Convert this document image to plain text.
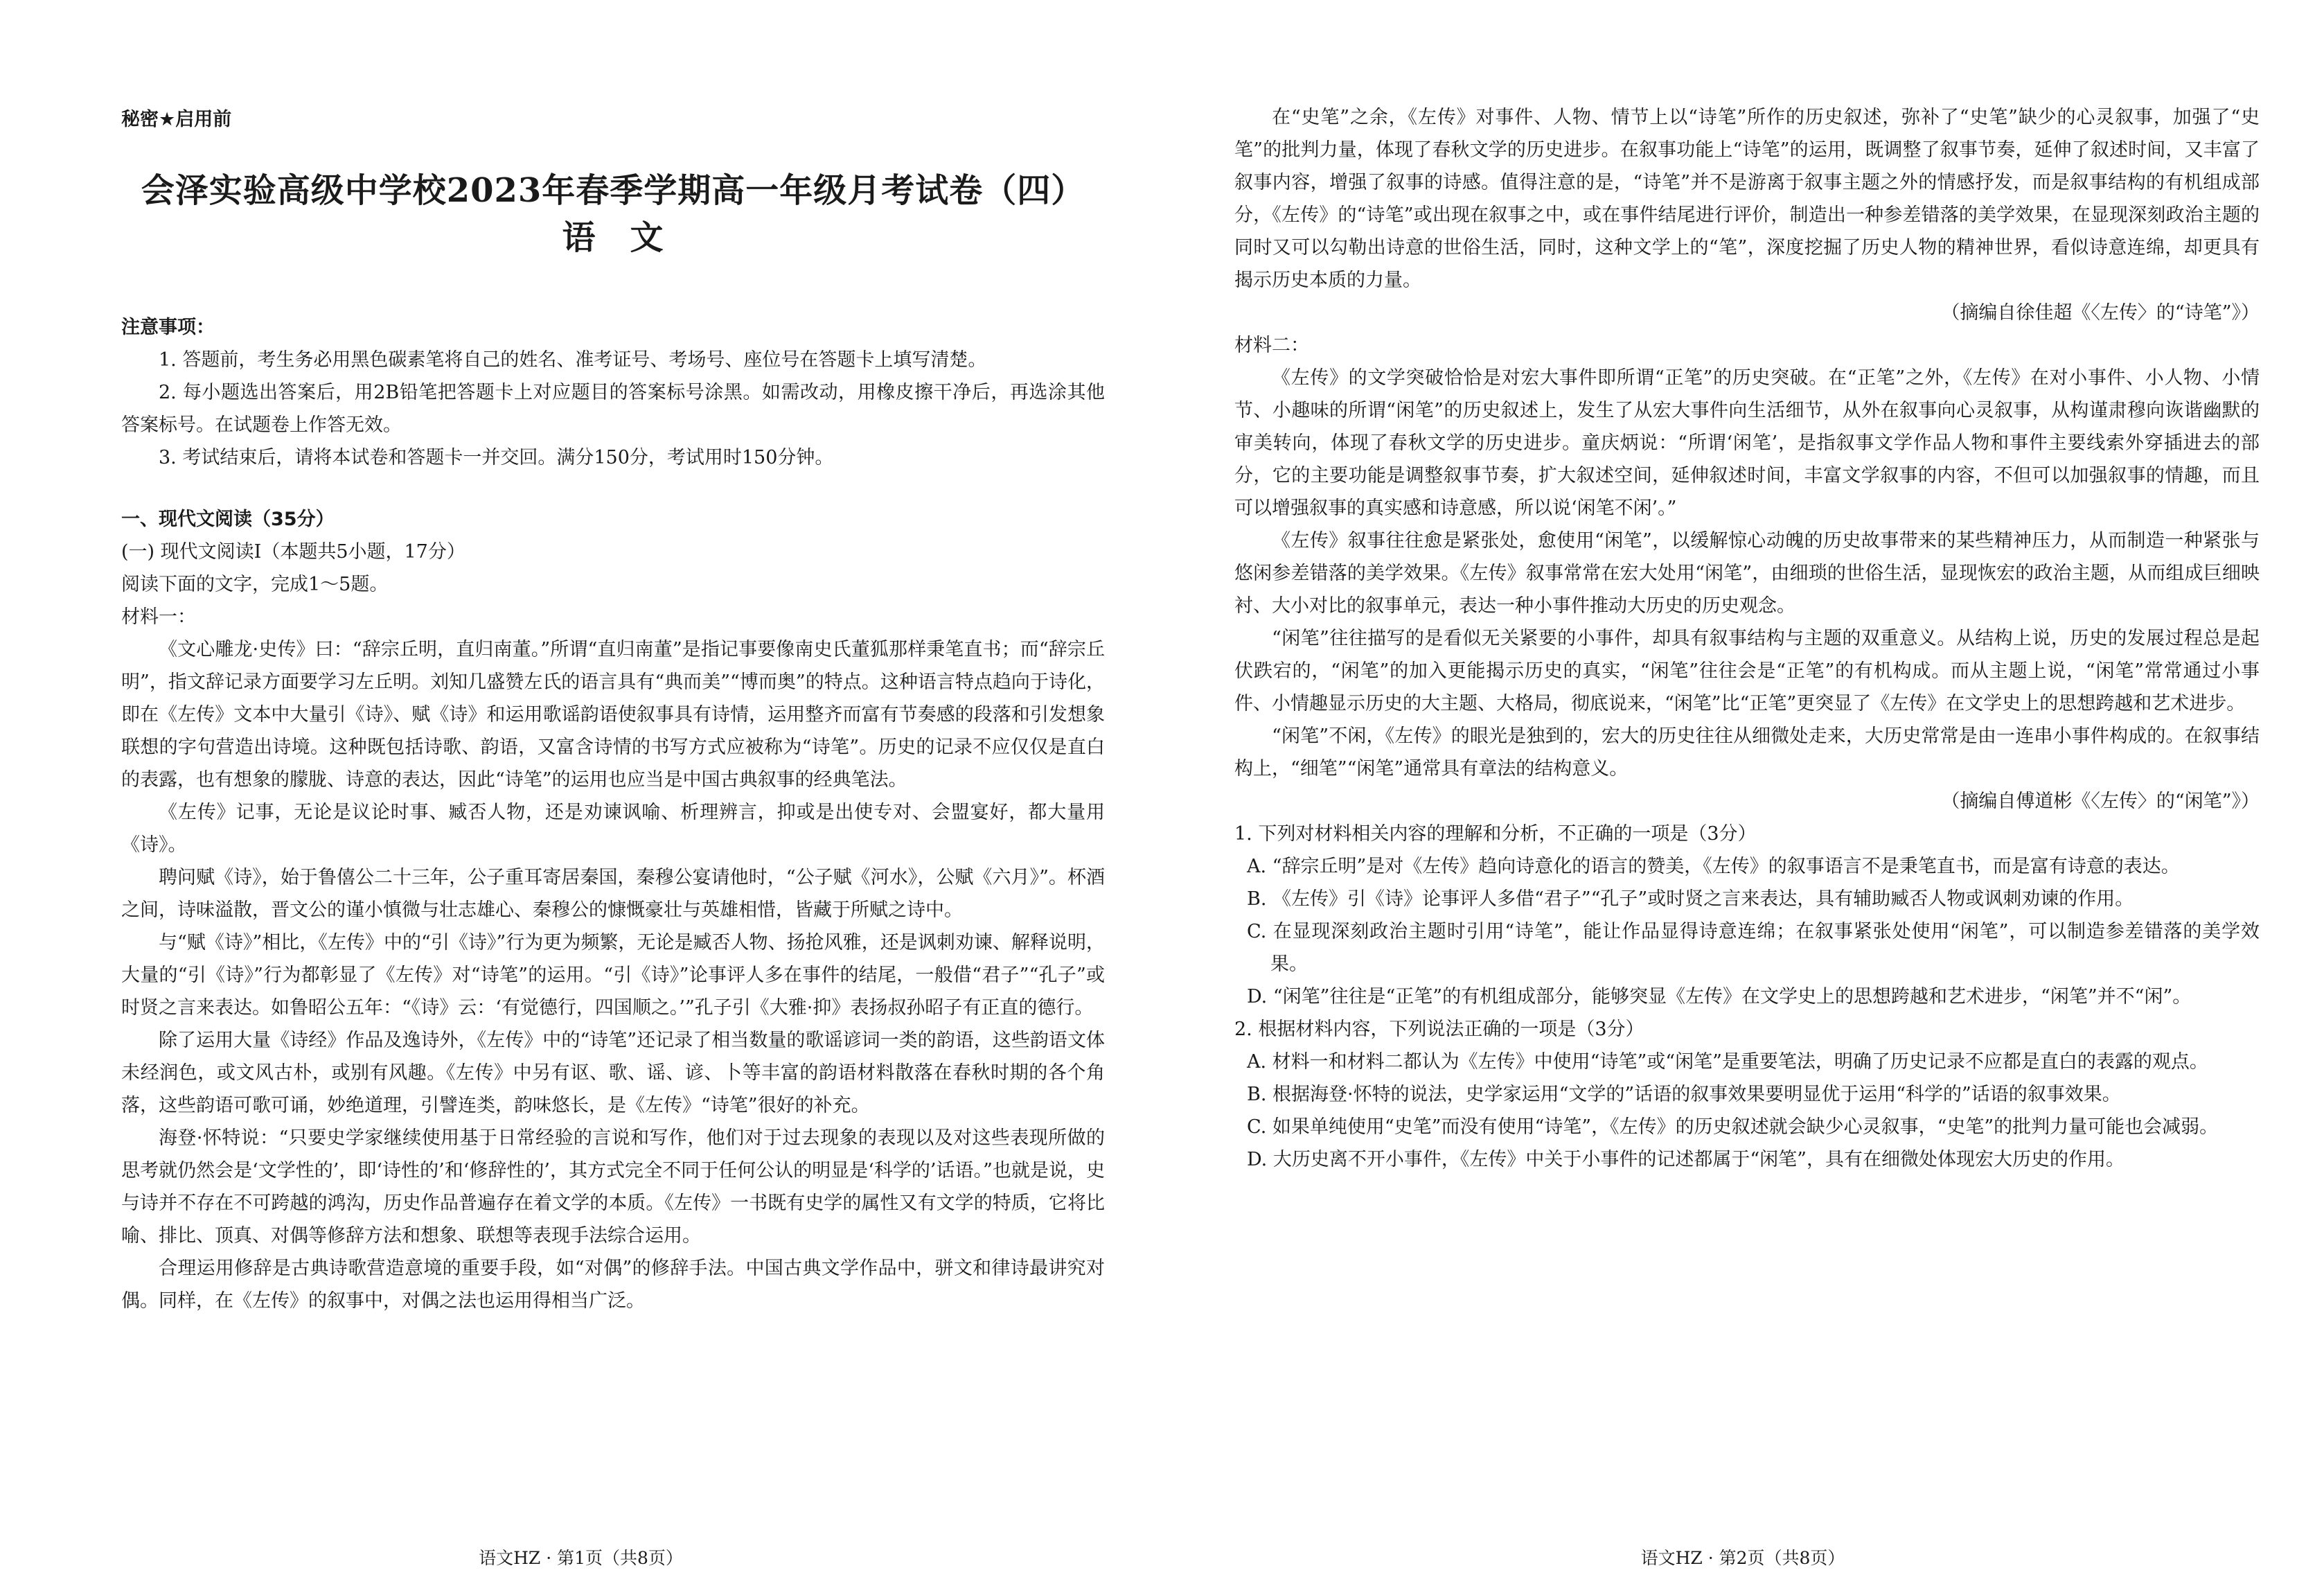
秘密★启用前
会泽实验高级中学校2023年春季学期高一年级月考试卷（四）
语　文
注意事项：

1. 答题前，考生务必用黑色碳素笔将自己的姓名、准考证号、考场号、座位号在答题卡上填写清楚。

2. 每小题选出答案后，用2B铅笔把答题卡上对应题目的答案标号涂黑。如需改动，用橡皮擦干净后，再选涂其他答案标号。在试题卷上作答无效。

3. 考试结束后，请将本试卷和答题卡一并交回。满分150分，考试用时150分钟。

一、现代文阅读（35分）

(一) 现代文阅读Ⅰ（本题共5小题，17分）

阅读下面的文字，完成1～5题。

材料一：

《文心雕龙·史传》曰：“辞宗丘明，直归南董。”所谓“直归南董”是指记事要像南史氏董狐那样秉笔直书；而“辞宗丘明”，指文辞记录方面要学习左丘明。刘知几盛赞左氏的语言具有“典而美”“博而奥”的特点。这种语言特点趋向于诗化，即在《左传》文本中大量引《诗》、赋《诗》和运用歌谣韵语使叙事具有诗情，运用整齐而富有节奏感的段落和引发想象联想的字句营造出诗境。这种既包括诗歌、韵语，又富含诗情的书写方式应被称为“诗笔”。历史的记录不应仅仅是直白的表露，也有想象的朦胧、诗意的表达，因此“诗笔”的运用也应当是中国古典叙事的经典笔法。

《左传》记事，无论是议论时事、臧否人物，还是劝谏讽喻、析理辨言，抑或是出使专对、会盟宴好，都大量用《诗》。

聘问赋《诗》，始于鲁僖公二十三年，公子重耳寄居秦国，秦穆公宴请他时，“公子赋《河水》，公赋《六月》”。杯酒之间，诗味溢散，晋文公的谨小慎微与壮志雄心、秦穆公的慷慨豪壮与英雄相惜，皆藏于所赋之诗中。

与“赋《诗》”相比，《左传》中的“引《诗》”行为更为频繁，无论是臧否人物、扬抢风雅，还是讽刺劝谏、解释说明，大量的“引《诗》”行为都彰显了《左传》对“诗笔”的运用。“引《诗》”论事评人多在事件的结尾，一般借“君子”“孔子”或时贤之言来表达。如鲁昭公五年：“《诗》云：‘有觉德行，四国顺之。’”孔子引《大雅·抑》表扬叔孙昭子有正直的德行。

除了运用大量《诗经》作品及逸诗外，《左传》中的“诗笔”还记录了相当数量的歌谣谚词一类的韵语，这些韵语文体未经润色，或文风古朴，或别有风趣。《左传》中另有讴、歌、谣、谚、卜等丰富的韵语材料散落在春秋时期的各个角落，这些韵语可歌可诵，妙绝道理，引譬连类，韵味悠长，是《左传》“诗笔”很好的补充。

海登·怀特说：“只要史学家继续使用基于日常经验的言说和写作，他们对于过去现象的表现以及对这些表现所做的思考就仍然会是‘文学性的’，即‘诗性的’和‘修辞性的’，其方式完全不同于任何公认的明显是‘科学的’话语。”也就是说，史与诗并不存在不可跨越的鸿沟，历史作品普遍存在着文学的本质。《左传》一书既有史学的属性又有文学的特质，它将比喻、排比、顶真、对偶等修辞方法和想象、联想等表现手法综合运用。

合理运用修辞是古典诗歌营造意境的重要手段，如“对偶”的修辞手法。中国古典文学作品中，骈文和律诗最讲究对偶。同样，在《左传》的叙事中，对偶之法也运用得相当广泛。

语文HZ · 第1页（共8页）

在“史笔”之余，《左传》对事件、人物、情节上以“诗笔”所作的历史叙述，弥补了“史笔”缺少的心灵叙事，加强了“史笔”的批判力量，体现了春秋文学的历史进步。在叙事功能上“诗笔”的运用，既调整了叙事节奏，延伸了叙述时间，又丰富了叙事内容，增强了叙事的诗感。值得注意的是，“诗笔”并不是游离于叙事主题之外的情感抒发，而是叙事结构的有机组成部分，《左传》的“诗笔”或出现在叙事之中，或在事件结尾进行评价，制造出一种参差错落的美学效果，在显现深刻政治主题的同时又可以勾勒出诗意的世俗生活，同时，这种文学上的“笔”，深度挖掘了历史人物的精神世界，看似诗意连绵，却更具有揭示历史本质的力量。

（摘编自徐佳超《〈左传〉的“诗笔”》）

材料二：

《左传》的文学突破恰恰是对宏大事件即所谓“正笔”的历史突破。在“正笔”之外，《左传》在对小事件、小人物、小情节、小趣味的所谓“闲笔”的历史叙述上，发生了从宏大事件向生活细节，从外在叙事向心灵叙事，从构谨肃穆向诙谐幽默的审美转向，体现了春秋文学的历史进步。童庆炳说：“所谓‘闲笔’，是指叙事文学作品人物和事件主要线索外穿插进去的部分，它的主要功能是调整叙事节奏，扩大叙述空间，延伸叙述时间，丰富文学叙事的内容，不但可以加强叙事的情趣，而且可以增强叙事的真实感和诗意感，所以说‘闲笔不闲’。”

《左传》叙事往往愈是紧张处，愈使用“闲笔”，以缓解惊心动魄的历史故事带来的某些精神压力，从而制造一种紧张与悠闲参差错落的美学效果。《左传》叙事常常在宏大处用“闲笔”，由细琐的世俗生活，显现恢宏的政治主题，从而组成巨细映衬、大小对比的叙事单元，表达一种小事件推动大历史的历史观念。

“闲笔”往往描写的是看似无关紧要的小事件，却具有叙事结构与主题的双重意义。从结构上说，历史的发展过程总是起伏跌宕的，“闲笔”的加入更能揭示历史的真实，“闲笔”往往会是“正笔”的有机构成。而从主题上说，“闲笔”常常通过小事件、小情趣显示历史的大主题、大格局，彻底说来，“闲笔”比“正笔”更突显了《左传》在文学史上的思想跨越和艺术进步。

“闲笔”不闲，《左传》的眼光是独到的，宏大的历史往往从细微处走来，大历史常常是由一连串小事件构成的。在叙事结构上，“细笔”“闲笔”通常具有章法的结构意义。

（摘编自傅道彬《〈左传〉的“闲笔”》）

1. 下列对材料相关内容的理解和分析，不正确的一项是（3分）

A. “辞宗丘明”是对《左传》趋向诗意化的语言的赞美，《左传》的叙事语言不是秉笔直书，而是富有诗意的表达。

B. 《左传》引《诗》论事评人多借“君子”“孔子”或时贤之言来表达，具有辅助臧否人物或讽刺劝谏的作用。

C. 在显现深刻政治主题时引用“诗笔”，能让作品显得诗意连绵；在叙事紧张处使用“闲笔”，可以制造参差错落的美学效果。

D. “闲笔”往往是“正笔”的有机组成部分，能够突显《左传》在文学史上的思想跨越和艺术进步，“闲笔”并不“闲”。

2. 根据材料内容，下列说法正确的一项是（3分）

A. 材料一和材料二都认为《左传》中使用“诗笔”或“闲笔”是重要笔法，明确了历史记录不应都是直白的表露的观点。

B. 根据海登·怀特的说法，史学家运用“文学的”话语的叙事效果要明显优于运用“科学的”话语的叙事效果。

C. 如果单纯使用“史笔”而没有使用“诗笔”，《左传》的历史叙述就会缺少心灵叙事，“史笔”的批判力量可能也会减弱。

D. 大历史离不开小事件，《左传》中关于小事件的记述都属于“闲笔”，具有在细微处体现宏大历史的作用。

语文HZ · 第2页（共8页）
